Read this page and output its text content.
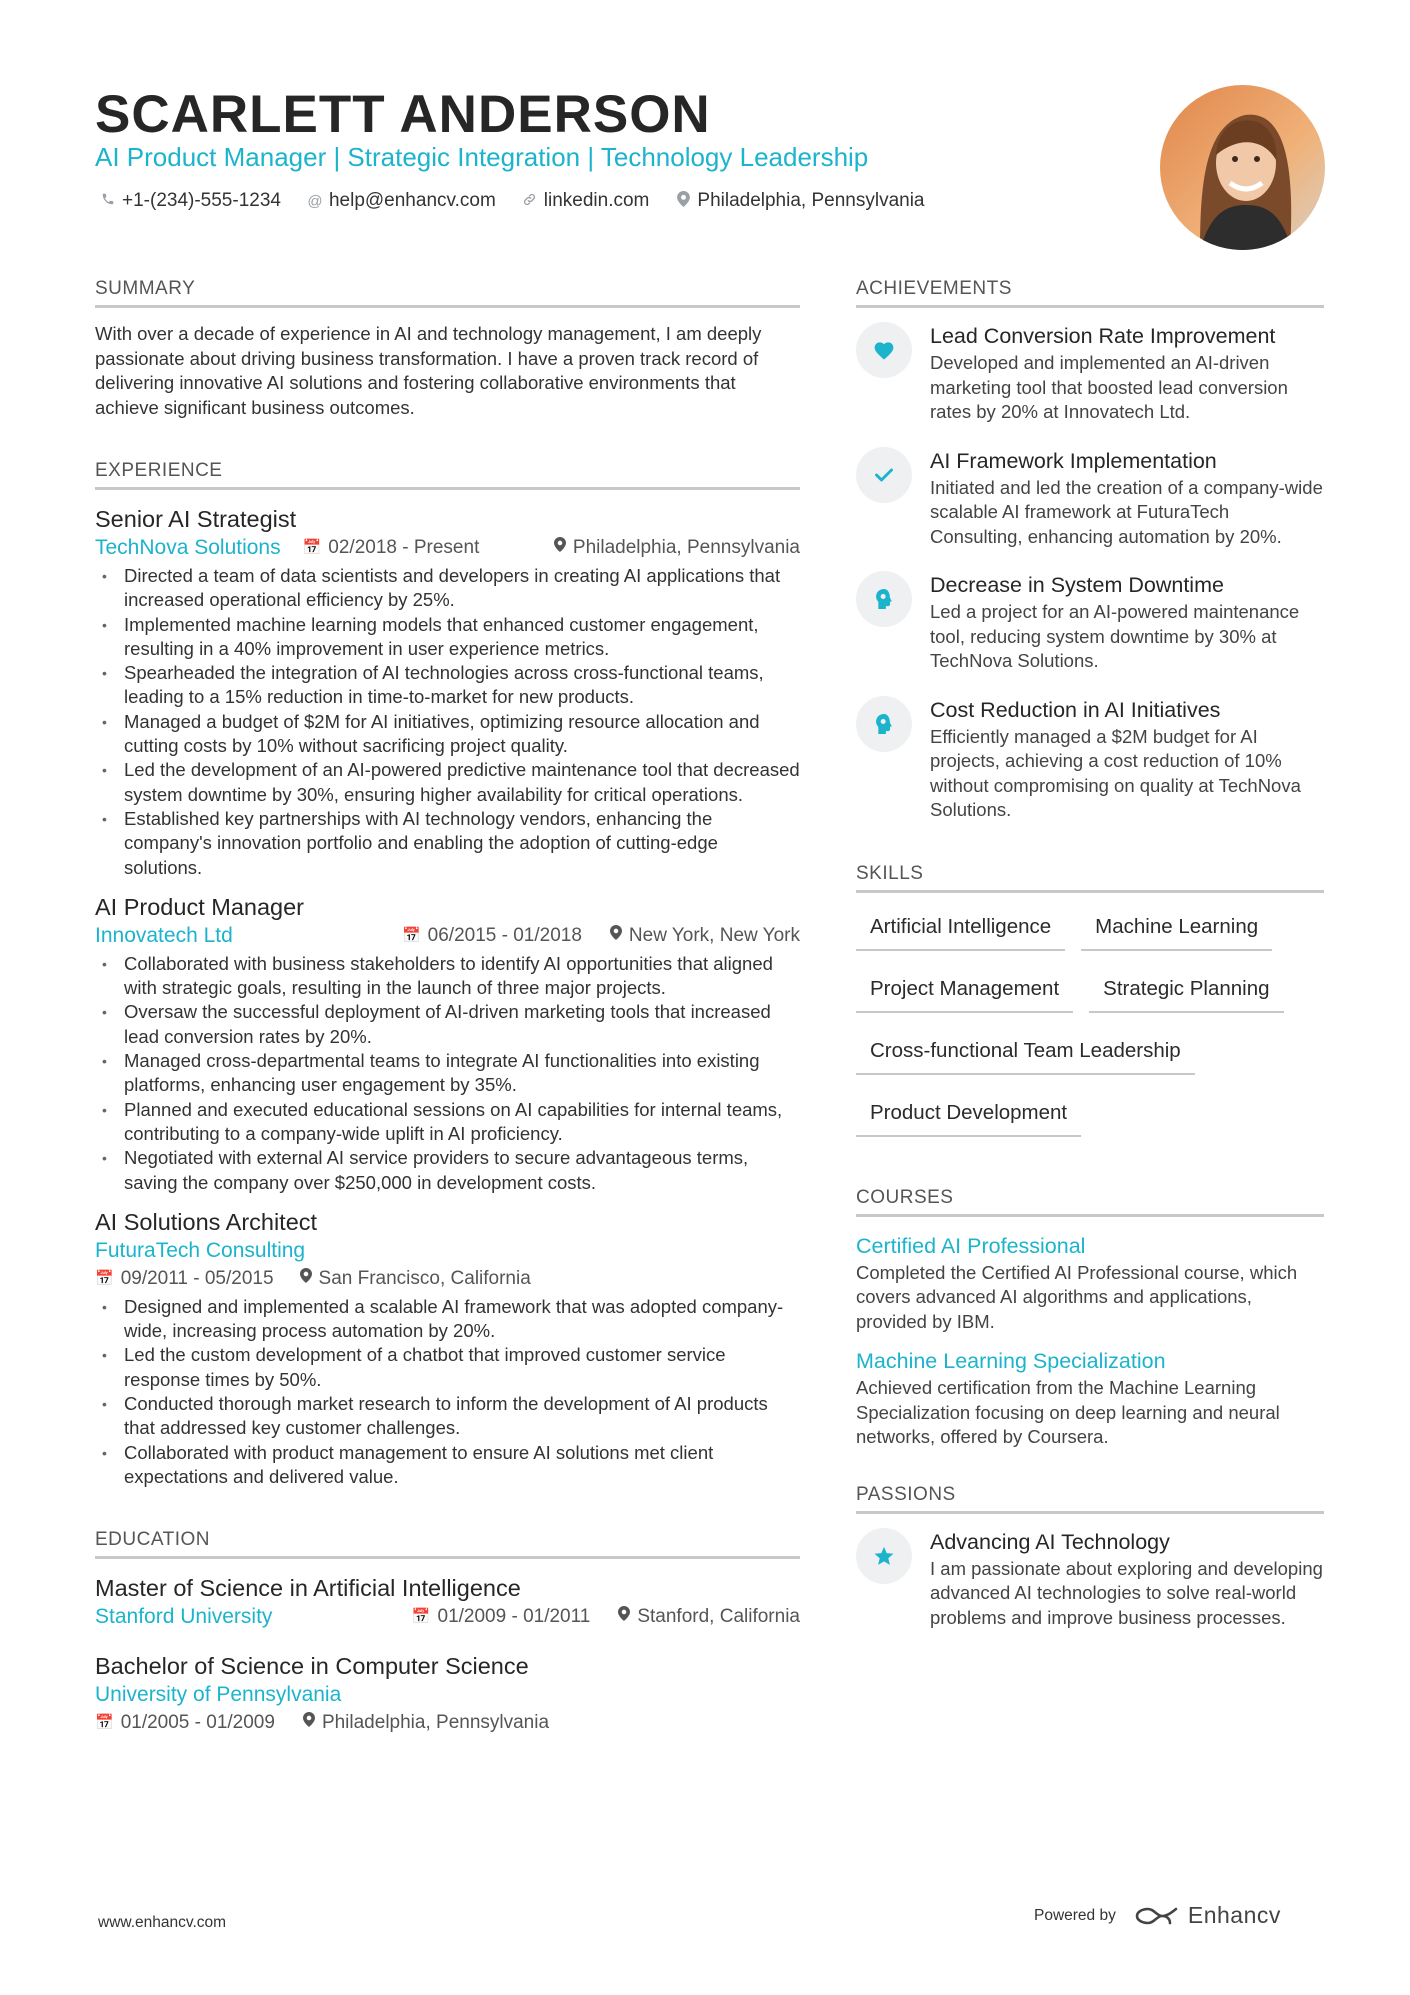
SCARLETT ANDERSON
AI Product Manager | Strategic Integration | Technology Leadership
+1-(234)-555-1234 @ help@enhancv.com	linkedin.com	Philadelphia, Pennsylvania
SUMMARY

With over a decade of experience in AI and technology management, I am deeply passionate about driving business transformation. I have a proven track record of delivering innovative AI solutions and fostering collaborative environments that achieve significant business outcomes.

EXPERIENCE
Senior AI Strategist
TechNova Solutions 📅 02/2018 - Present	Philadelphia, Pennsylvania
• Directed a team of data scientists and developers in creating AI applications that increased operational efficiency by 25%.
• Implemented machine learning models that enhanced customer engagement, resulting in a 40% improvement in user experience metrics.
• Spearheaded the integration of AI technologies across cross-functional teams, leading to a 15% reduction in time-to-market for new products.
• Managed a budget of $2M for AI initiatives, optimizing resource allocation and cutting costs by 10% without sacrificing project quality.
• Led the development of an AI-powered predictive maintenance tool that decreased system downtime by 30%, ensuring higher availability for critical operations.
• Established key partnerships with AI technology vendors, enhancing the company's innovation portfolio and enabling the adoption of cutting-edge solutions.
AI Product Manager
Innovatech Ltd	📅 06/2015 - 01/2018 New York, New York
• Collaborated with business stakeholders to identify AI opportunities that aligned with strategic goals, resulting in the launch of three major projects.
• Oversaw the successful deployment of AI-driven marketing tools that increased lead conversion rates by 20%.
• Managed cross-departmental teams to integrate AI functionalities into existing platforms, enhancing user engagement by 35%.
• Planned and executed educational sessions on AI capabilities for internal teams, contributing to a company-wide uplift in AI proficiency.
• Negotiated with external AI service providers to secure advantageous terms, saving the company over $250,000 in development costs.
AI Solutions Architect
FuturaTech Consulting
📅 09/2011 - 05/2015 San Francisco, California
• Designed and implemented a scalable AI framework that was adopted company-wide, increasing process automation by 20%.
• Led the custom development of a chatbot that improved customer service response times by 50%.
• Conducted thorough market research to inform the development of AI products that addressed key customer challenges.
• Collaborated with product management to ensure AI solutions met client expectations and delivered value.
EDUCATION
Master of Science in Artificial Intelligence
Stanford University	📅 01/2009 - 01/2011 Stanford, California
Bachelor of Science in Computer Science
University of Pennsylvania
📅 01/2005 - 01/2009 Philadelphia, Pennsylvania
ACHIEVEMENTS
Lead Conversion Rate Improvement
Developed and implemented an AI-driven marketing tool that boosted lead conversion rates by 20% at Innovatech Ltd.
AI Framework Implementation
Initiated and led the creation of a company-wide scalable AI framework at FuturaTech Consulting, enhancing automation by 20%.
Decrease in System Downtime
Led a project for an AI-powered maintenance tool, reducing system downtime by 30% at TechNova Solutions.
Cost Reduction in AI Initiatives
Efficiently managed a $2M budget for AI projects, achieving a cost reduction of 10% without compromising on quality at TechNova Solutions.
SKILLS
Artificial Intelligence	Machine Learning
Project Management	Strategic Planning
Cross-functional Team Leadership
Product Development
COURSES
Certified AI Professional
Completed the Certified AI Professional course, which covers advanced AI algorithms and applications, provided by IBM.
Machine Learning Specialization
Achieved certification from the Machine Learning Specialization focusing on deep learning and neural networks, offered by Coursera.
PASSIONS
Advancing AI Technology
I am passionate about exploring and developing advanced AI technologies to solve real-world problems and improve business processes.
www.enhancv.com	Powered by	Enhancv
